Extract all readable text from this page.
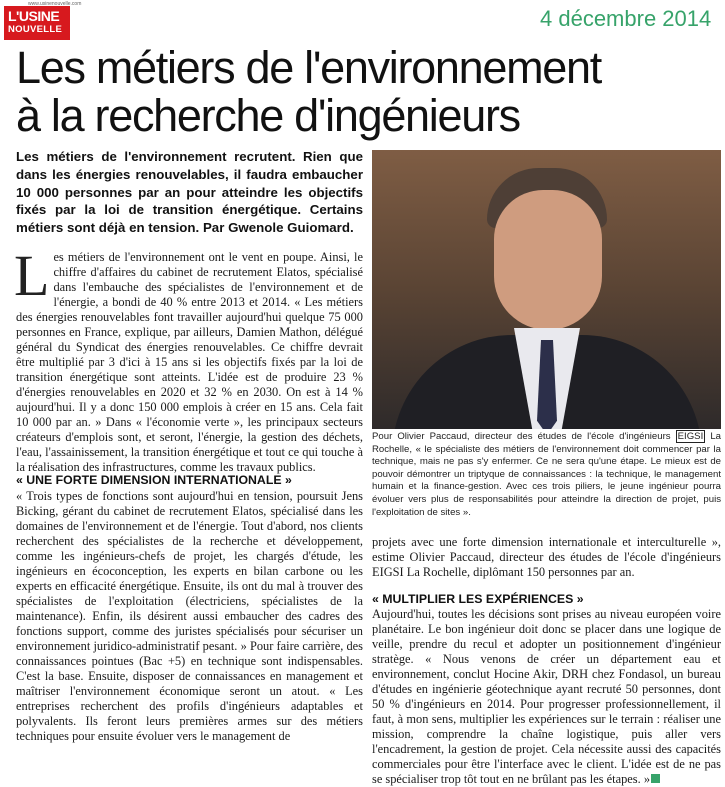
L'USINE
NOUVELLE
www.usinenouvelle.com
4 décembre 2014
Les métiers de l'environnement
à la recherche d'ingénieurs
Les métiers de l'environnement recrutent. Rien que dans les énergies renouvelables, il faudra embaucher 10 000 personnes par an pour atteindre les objectifs fixés par la loi de transition énergétique. Certains métiers sont déjà en tension. Par Gwenole Guiomard.
Pour Olivier Paccaud, directeur des études de l'école d'ingénieurs EIGSI La Rochelle, « le spécialiste des métiers de l'environnement doit commencer par la technique, mais ne pas s'y enfermer. Ce ne sera qu'une étape. Le mieux est de pouvoir démontrer un triptyque de connaissances : la technique, le management humain et la finance-gestion. Avec ces trois piliers, le jeune ingénieur pourra évoluer vers plus de responsabilités pour atteindre la direction de projet, puis l'exploitation de sites ».
L es métiers de l'environnement ont le vent en poupe. Ainsi, le chiffre d'affaires du cabinet de recrutement Elatos, spécialisé dans l'embauche des spécialistes de l'environnement et de l'énergie, a bondi de 40 % entre 2013 et 2014. « Les métiers des énergies renouvelables font travailler aujourd'hui quelque 75 000 personnes en France, explique, par ailleurs, Damien Mathon, délégué général du Syndicat des énergies renouvelables. Ce chiffre devrait être multiplié par 3 d'ici à 15 ans si les objectifs fixés par la loi de transition énergétique sont atteints. L'idée est de produire 23 % d'énergies renouvelables en 2020 et 32 % en 2030. On est à 14 % aujourd'hui. Il y a donc 150 000 emplois à créer en 15 ans. Cela fait 10 000 par an. » Dans « l'économie verte », les principaux secteurs créateurs d'emplois sont, et seront, l'énergie, la gestion des déchets, l'eau, l'assainissement, la transition énergétique et tout ce qui touche à la réalisation des infrastructures, comme les travaux publics.
« UNE FORTE DIMENSION INTERNATIONALE »
« Trois types de fonctions sont aujourd'hui en tension, poursuit Jens Bicking, gérant du cabinet de recrutement Elatos, spécialisé dans les domaines de l'environnement et de l'énergie. Tout d'abord, nos clients recherchent des spécialistes de la recherche et développement, comme les ingénieurs-chefs de projet, les chargés d'étude, les ingénieurs en écoconception, les experts en bilan carbone ou les experts en efficacité énergétique. Ensuite, ils ont du mal à trouver des spécialistes de l'exploitation (électriciens, spécialistes de la maintenance). Enfin, ils désirent aussi embaucher des cadres des fonctions support, comme des juristes spécialisés pour sécuriser un environnement juridico-administratif pesant. » Pour faire carrière, des connaissances pointues (Bac +5) en technique sont indispensables. C'est la base. Ensuite, disposer de connaissances en management et maîtriser l'environnement économique seront un atout. « Les entreprises recherchent des profils d'ingénieurs adaptables et polyvalents. Ils feront leurs premières armes sur des métiers techniques pour ensuite évoluer vers le management de
projets avec une forte dimension internationale et interculturelle », estime Olivier Paccaud, directeur des études de l'école d'ingénieurs EIGSI La Rochelle, diplômant 150 personnes par an.
« MULTIPLIER LES EXPÉRIENCES »
Aujourd'hui, toutes les décisions sont prises au niveau européen voire planétaire. Le bon ingénieur doit donc se placer dans une logique de veille, prendre du recul et adopter un positionnement d'ingénieur stratège. « Nous venons de créer un département eau et environnement, conclut Hocine Akir, DRH chez Fondasol, un bureau d'études en ingénierie géotechnique ayant recruté 50 personnes, dont 50 % d'ingénieurs en 2014. Pour progresser professionnellement, il faut, à mon sens, multiplier les expériences sur le terrain : réaliser une mission, comprendre la chaîne logistique, puis aller vers l'encadrement, la gestion de projet. Cela nécessite aussi des capacités commerciales pour être l'interface avec le client. L'idée est de ne pas se spécialiser trop tôt tout en ne brûlant pas les étapes. »
